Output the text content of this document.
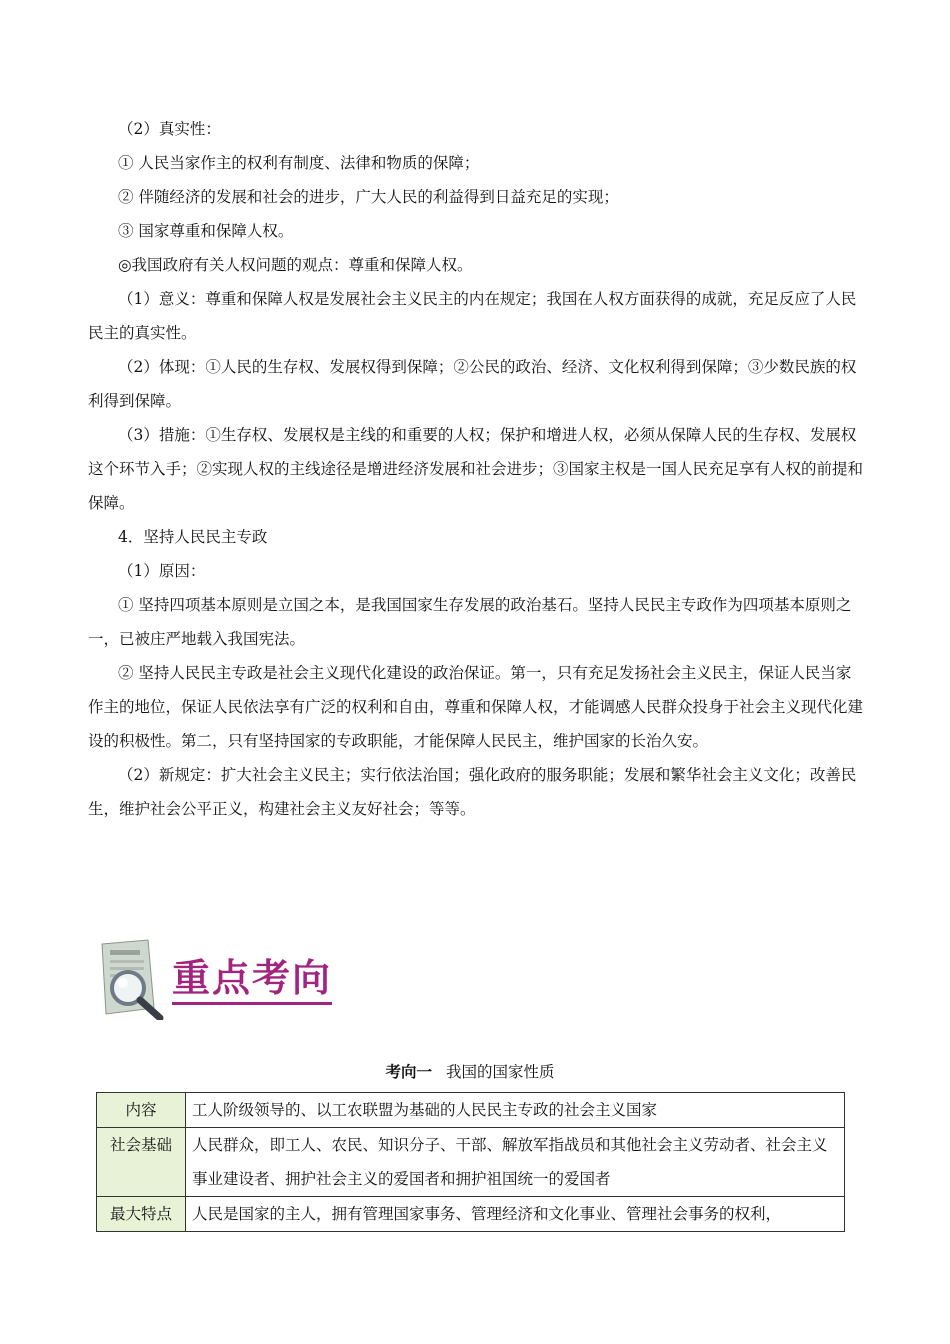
（2）真实性：

① 人民当家作主的权利有制度、法律和物质的保障；

② 伴随经济的发展和社会的进步，广大人民的利益得到日益充足的实现；

③ 国家尊重和保障人权。

◎我国政府有关人权问题的观点：尊重和保障人权。

（1）意义：尊重和保障人权是发展社会主义民主的内在规定；我国在人权方面获得的成就，充足反应了人民民主的真实性。

（2）体现：①人民的生存权、发展权得到保障；②公民的政治、经济、文化权利得到保障；③少数民族的权利得到保障。

（3）措施：①生存权、发展权是主线的和重要的人权；保护和增进人权，必须从保障人民的生存权、发展权这个环节入手；②实现人权的主线途径是增进经济发展和社会进步；③国家主权是一国人民充足享有人权的前提和保障。

4．坚持人民民主专政

（1）原因：

① 坚持四项基本原则是立国之本，是我国国家生存发展的政治基石。坚持人民民主专政作为四项基本原则之一，已被庄严地载入我国宪法。

② 坚持人民民主专政是社会主义现代化建设的政治保证。第一，只有充足发扬社会主义民主，保证人民当家作主的地位，保证人民依法享有广泛的权利和自由，尊重和保障人权，才能调感人民群众投身于社会主义现代化建设的积极性。第二，只有坚持国家的专政职能，才能保障人民民主，维护国家的长治久安。

（2）新规定：扩大社会主义民主；实行依法治国；强化政府的服务职能；发展和繁华社会主义文化；改善民生，维护社会公平正义，构建社会主义友好社会；等等。

重点考向
考向一 我国的国家性质
内容	工人阶级领导的、以工农联盟为基础的人民民主专政的社会主义国家
社会基础	人民群众，即工人、农民、知识分子、干部、解放军指战员和其他社会主义劳动者、社会主义事业建设者、拥护社会主义的爱国者和拥护祖国统一的爱国者
最大特点	人民是国家的主人，拥有管理国家事务、管理经济和文化事业、管理社会事务的权利，
